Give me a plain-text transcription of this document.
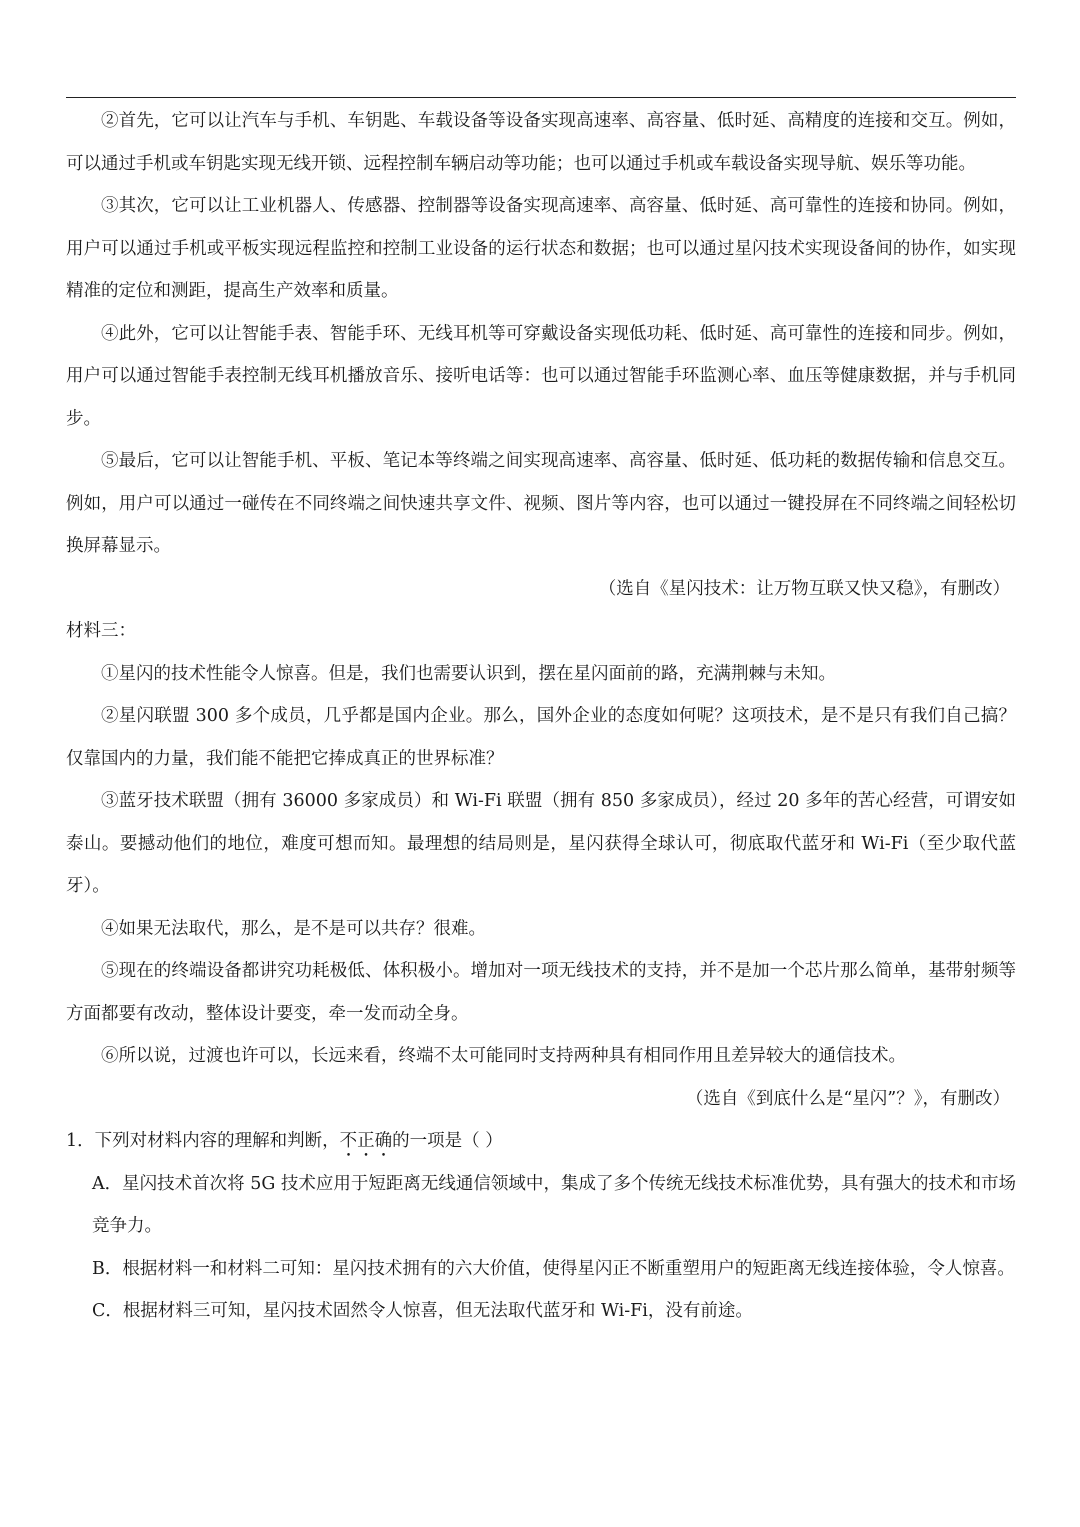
②首先，它可以让汽车与手机、车钥匙、车载设备等设备实现高速率、高容量、低时延、高精度的连接和交互。例如，可以通过手机或车钥匙实现无线开锁、远程控制车辆启动等功能；也可以通过手机或车载设备实现导航、娱乐等功能。

③其次，它可以让工业机器人、传感器、控制器等设备实现高速率、高容量、低时延、高可靠性的连接和协同。例如，用户可以通过手机或平板实现远程监控和控制工业设备的运行状态和数据；也可以通过星闪技术实现设备间的协作，如实现精准的定位和测距，提高生产效率和质量。

④此外，它可以让智能手表、智能手环、无线耳机等可穿戴设备实现低功耗、低时延、高可靠性的连接和同步。例如，用户可以通过智能手表控制无线耳机播放音乐、接听电话等：也可以通过智能手环监测心率、血压等健康数据，并与手机同步。

⑤最后，它可以让智能手机、平板、笔记本等终端之间实现高速率、高容量、低时延、低功耗的数据传输和信息交互。例如，用户可以通过一碰传在不同终端之间快速共享文件、视频、图片等内容，也可以通过一键投屏在不同终端之间轻松切换屏幕显示。

（选自《星闪技术：让万物互联又快又稳》，有删改）

材料三：

①星闪的技术性能令人惊喜。但是，我们也需要认识到，摆在星闪面前的路，充满荆棘与未知。

②星闪联盟 300 多个成员，几乎都是国内企业。那么，国外企业的态度如何呢？这项技术，是不是只有我们自己搞？仅靠国内的力量，我们能不能把它捧成真正的世界标准？

③蓝牙技术联盟（拥有 36000 多家成员）和 Wi-Fi 联盟（拥有 850 多家成员），经过 20 多年的苦心经营，可谓安如泰山。要撼动他们的地位，难度可想而知。最理想的结局则是，星闪获得全球认可，彻底取代蓝牙和 Wi-Fi（至少取代蓝牙）。

④如果无法取代，那么，是不是可以共存？很难。

⑤现在的终端设备都讲究功耗极低、体积极小。增加对一项无线技术的支持，并不是加一个芯片那么简单，基带射频等方面都要有改动，整体设计要变，牵一发而动全身。

⑥所以说，过渡也许可以，长远来看，终端不太可能同时支持两种具有相同作用且差异较大的通信技术。

（选自《到底什么是“星闪”？》，有删改）

1．下列对材料内容的理解和判断，不正确的一项是（ ）

A．星闪技术首次将 5G 技术应用于短距离无线通信领域中，集成了多个传统无线技术标准优势，具有强大的技术和市场竞争力。

B．根据材料一和材料二可知：星闪技术拥有的六大价值，使得星闪正不断重塑用户的短距离无线连接体验，令人惊喜。

C．根据材料三可知，星闪技术固然令人惊喜，但无法取代蓝牙和 Wi-Fi，没有前途。
